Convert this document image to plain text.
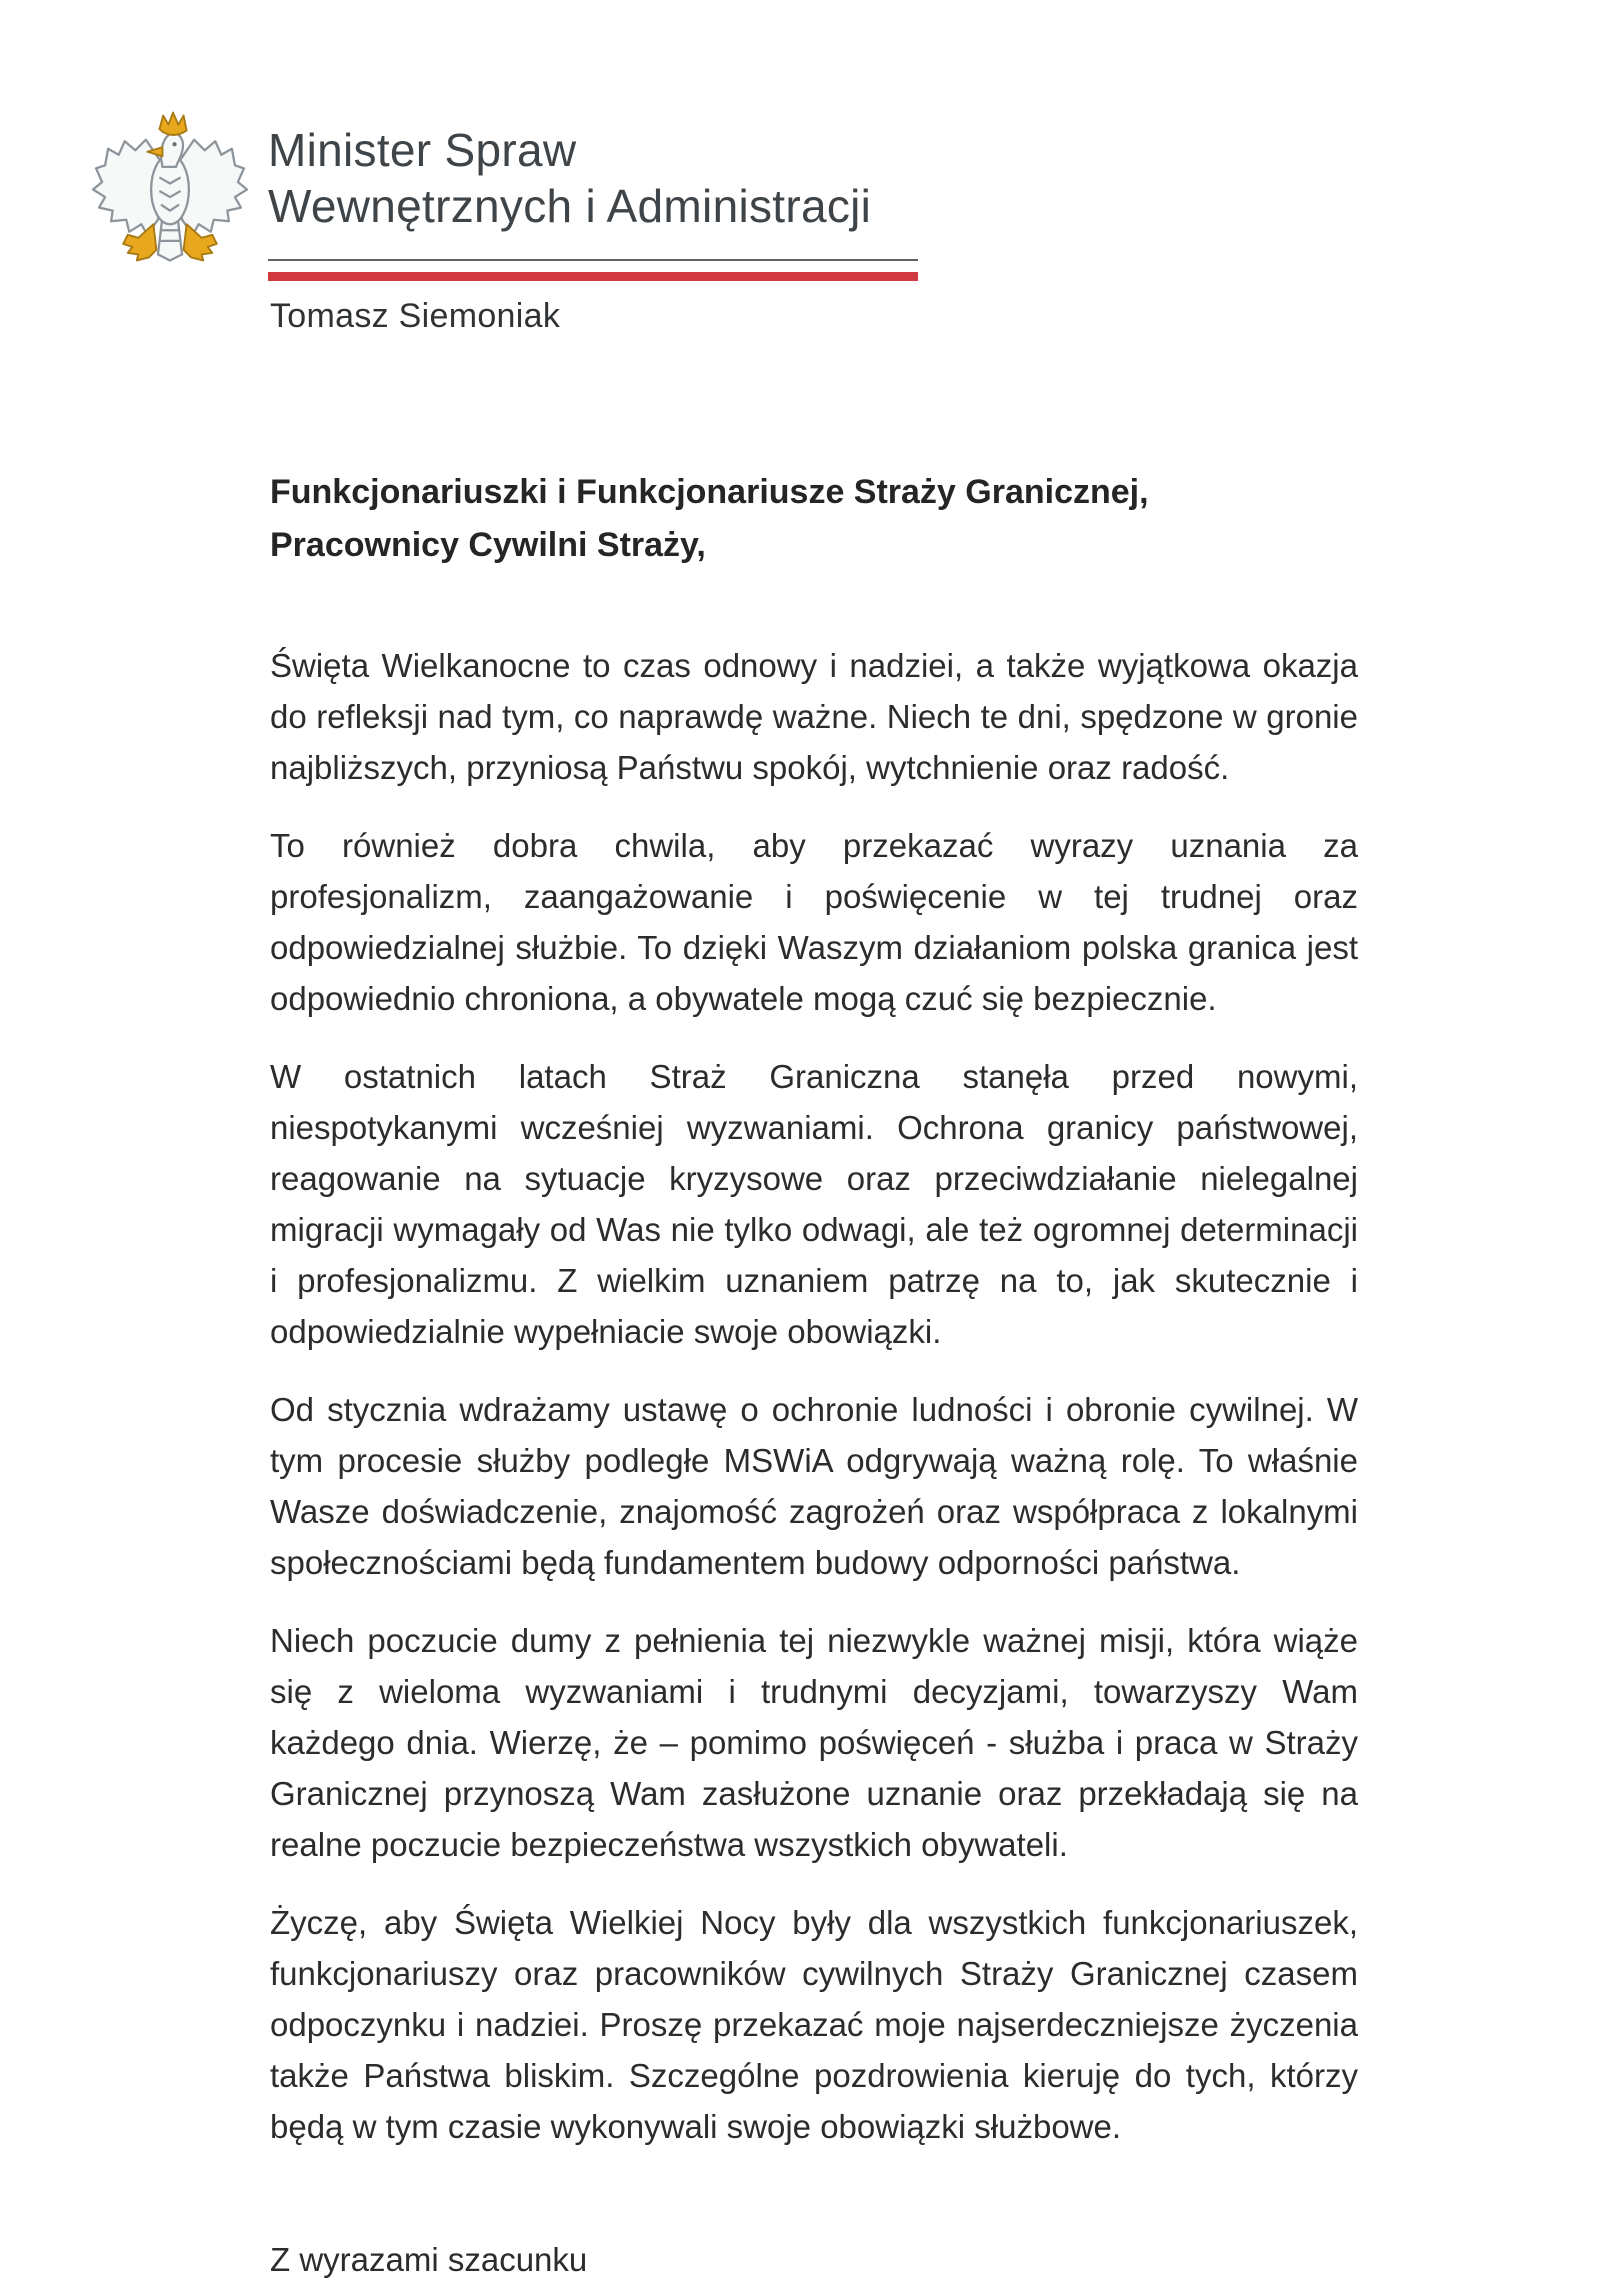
Minister Spraw
Wewnętrznych i Administracji
Tomasz Siemoniak

Funkcjonariuszki i Funkcjonariusze Straży Granicznej,
Pracownicy Cywilni Straży,

Święta Wielkanocne to czas odnowy i nadziei, a także wyjątkowa okazja do refleksji nad tym, co naprawdę ważne. Niech te dni, spędzone w gronie najbliższych, przyniosą Państwu spokój, wytchnienie oraz radość.

To również dobra chwila, aby przekazać wyrazy uznania za profesjonalizm, zaangażowanie i poświęcenie w tej trudnej oraz odpowiedzialnej służbie. To dzięki Waszym działaniom polska granica jest odpowiednio chroniona, a obywatele mogą czuć się bezpiecznie.

W ostatnich latach Straż Graniczna stanęła przed nowymi, niespotykanymi wcześniej wyzwaniami. Ochrona granicy państwowej, reagowanie na sytuacje kryzysowe oraz przeciwdziałanie nielegalnej migracji wymagały od Was nie tylko odwagi, ale też ogromnej determinacji i profesjonalizmu. Z wielkim uznaniem patrzę na to, jak skutecznie i odpowiedzialnie wypełniacie swoje obowiązki.

Od stycznia wdrażamy ustawę o ochronie ludności i obronie cywilnej. W tym procesie służby podległe MSWiA odgrywają ważną rolę. To właśnie Wasze doświadczenie, znajomość zagrożeń oraz współpraca z lokalnymi społecznościami będą fundamentem budowy odporności państwa.

Niech poczucie dumy z pełnienia tej niezwykle ważnej misji, która wiąże się z wieloma wyzwaniami i trudnymi decyzjami, towarzyszy Wam każdego dnia. Wierzę, że – pomimo poświęceń - służba i praca w Straży Granicznej przynoszą Wam zasłużone uznanie oraz przekładają się na realne poczucie bezpieczeństwa wszystkich obywateli.

Życzę, aby Święta Wielkiej Nocy były dla wszystkich funkcjonariuszek, funkcjonariuszy oraz pracowników cywilnych Straży Granicznej czasem odpoczynku i nadziei. Proszę przekazać moje najserdeczniejsze życzenia także Państwa bliskim. Szczególne pozdrowienia kieruję do tych, którzy będą w tym czasie wykonywali swoje obowiązki służbowe.

Z wyrazami szacunku
